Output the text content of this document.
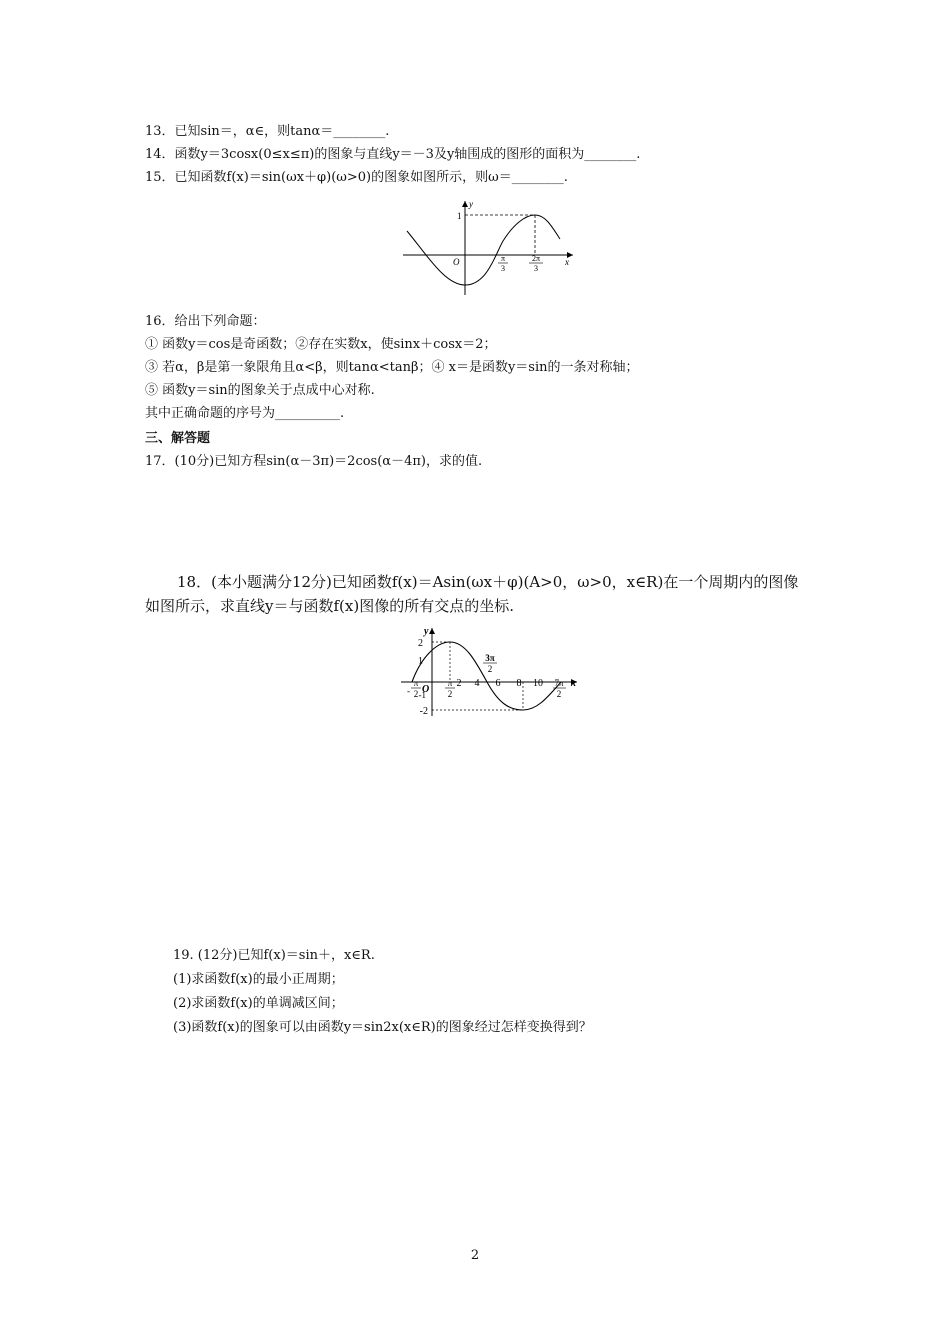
13．已知sin＝，α∈，则tanα＝________.
14．函数y＝3cosx(0≤x≤π)的图象与直线y＝－3及y轴围成的图形的面积为________.
15．已知函数f(x)＝sin(ωx＋φ)(ω>0)的图象如图所示，则ω＝________.
y
x
O
1
π
3
2π
3
16．给出下列命题：
① 函数y＝cos是奇函数；②存在实数x，使sinx＋cosx＝2；
③ 若α，β是第一象限角且α<β，则tanα<tanβ；④ x＝是函数y＝sin的一条对称轴；
⑤ 函数y＝sin的图象关于点成中心对称.
其中正确命题的序号为__________.
三、解答题
17．(10分)已知方程sin(α－3π)＝2cos(α－4π)，求的值.
18．(本小题满分12分)已知函数f(x)＝Asin(ωx＋φ)(A>0，ω>0，x∈R)在一个周期内的图像如图所示，求直线y＝与函数f(x)图像的所有交点的坐标.
y
x
O
2
1
-1
-2
2 4 6 8 10
-
π
2
π
2
3π
2
7π
2
19. (12分)已知f(x)＝sin＋，x∈R.
(1)求函数f(x)的最小正周期；
(2)求函数f(x)的单调减区间；
(3)函数f(x)的图象可以由函数y＝sin2x(x∈R)的图象经过怎样变换得到？
2
